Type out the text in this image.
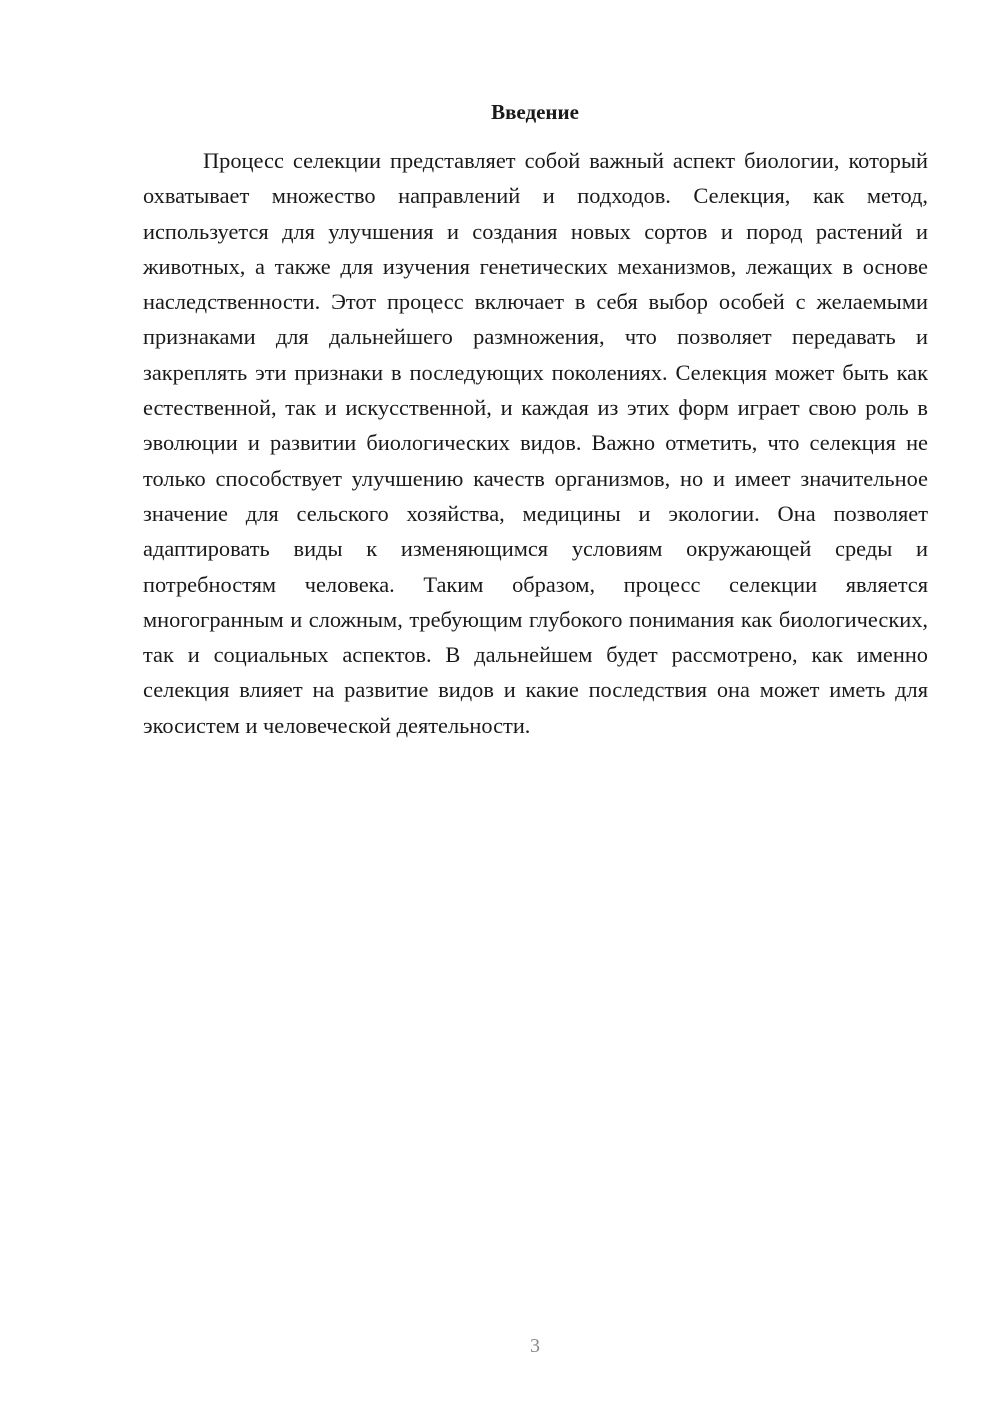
Введение

Процесс селекции представляет собой важный аспект биологии, который охватывает множество направлений и подходов. Селекция, как метод, используется для улучшения и создания новых сортов и пород растений и животных, а также для изучения генетических механизмов, лежащих в основе наследственности. Этот процесс включает в себя выбор особей с желаемыми признаками для дальнейшего размножения, что позволяет передавать и закреплять эти признаки в последующих поколениях. Селекция может быть как естественной, так и искусственной, и каждая из этих форм играет свою роль в эволюции и развитии биологических видов. Важно отметить, что селекция не только способствует улучшению качеств организмов, но и имеет значительное значение для сельского хозяйства, медицины и экологии. Она позволяет адаптировать виды к изменяющимся условиям окружающей среды и потребностям человека. Таким образом, процесс селекции является многогранным и сложным, требующим глубокого понимания как биологических, так и социальных аспектов. В дальнейшем будет рассмотрено, как именно селекция влияет на развитие видов и какие последствия она может иметь для экосистем и человеческой деятельности.

3
